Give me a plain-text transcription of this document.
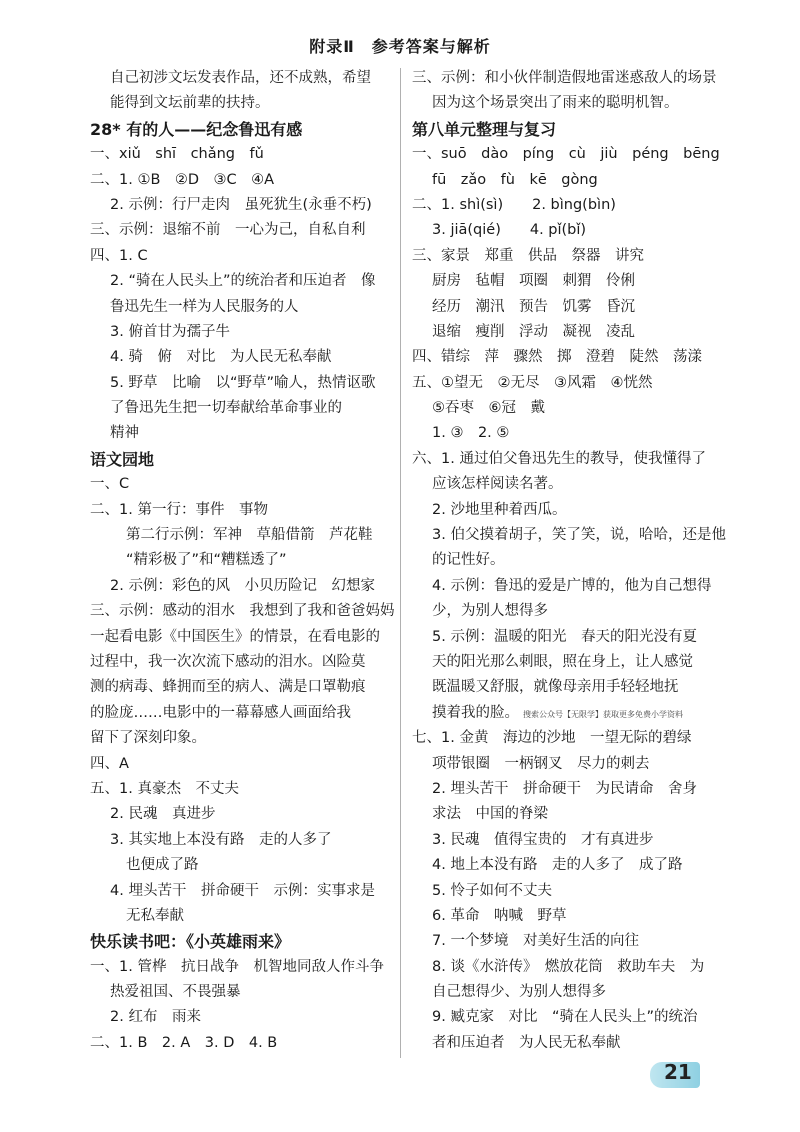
附录Ⅱ　参考答案与解析
自己初涉文坛发表作品，还不成熟，希望
能得到文坛前辈的扶持。
28* 有的人——纪念鲁迅有感
一、xiǔ　shī　chǎng　fǔ
二、1. ①B　②D　③C　④A
2. 示例：行尸走肉　虽死犹生(永垂不朽)
三、示例：退缩不前　一心为己，自私自利
四、1. C
2. “骑在人民头上”的统治者和压迫者　像
鲁迅先生一样为人民服务的人
3. 俯首甘为孺子牛
4. 骑　俯　对比　为人民无私奉献
5. 野草　比喻　以“野草”喻人，热情讴歌
了鲁迅先生把一切奉献给革命事业的
精神
语文园地
一、C
二、1. 第一行：事件　事物
第二行示例：军神　草船借箭　芦花鞋
“精彩极了”和“糟糕透了”
2. 示例：彩色的风　小贝历险记　幻想家
三、示例：感动的泪水　我想到了我和爸爸妈妈
一起看电影《中国医生》的情景，在看电影的
过程中，我一次次流下感动的泪水。凶险莫
测的病毒、蜂拥而至的病人、满是口罩勒痕
的脸庞……电影中的一幕幕感人画面给我
留下了深刻印象。
四、A
五、1. 真豪杰　不丈夫
2. 民魂　真进步
3. 其实地上本没有路　走的人多了
也便成了路
4. 埋头苦干　拼命硬干　示例：实事求是
无私奉献
快乐读书吧：《小英雄雨来》
一、1. 管桦　抗日战争　机智地同敌人作斗争
热爱祖国、不畏强暴
2. 红布　雨来
二、1. B　2. A　3. D　4. B
三、示例：和小伙伴制造假地雷迷惑敌人的场景
因为这个场景突出了雨来的聪明机智。
第八单元整理与复习
一、suō　dào　píng　cù　jiù　péng　bēng
fū　zǎo　fù　kē　gòng
二、1. shì(sì)　　2. bìng(bìn)
3. jiā(qié)　　4. pǐ(bǐ)
三、家景　郑重　供品　祭器　讲究
厨房　毡帽　项圈　刺猬　伶俐
经历　潮汛　预告　饥雾　昏沉
退缩　瘦削　浮动　凝视　凌乱
四、错综　萍　骤然　掷　澄碧　陡然　荡漾
五、①望无　②无尽　③风霜　④恍然
⑤吞枣　⑥冠　戴
1. ③　2. ⑤
六、1. 通过伯父鲁迅先生的教导，使我懂得了
应该怎样阅读名著。
2. 沙地里种着西瓜。
3. 伯父摸着胡子，笑了笑，说，哈哈，还是他
的记性好。
4. 示例：鲁迅的爱是广博的，他为自己想得
少，为别人想得多
5. 示例：温暖的阳光　春天的阳光没有夏
天的阳光那么刺眼，照在身上，让人感觉
既温暖又舒服，就像母亲用手轻轻地抚
摸着我的脸。 搜索公众号【无限学】获取更多免费小学资料
七、1. 金黄　海边的沙地　一望无际的碧绿
项带银圈　一柄钢叉　尽力的刺去
2. 埋头苦干　拼命硬干　为民请命　舍身
求法　中国的脊梁
3. 民魂　值得宝贵的　才有真进步
4. 地上本没有路　走的人多了　成了路
5. 怜子如何不丈夫
6. 革命　呐喊　野草
7. 一个梦境　对美好生活的向往
8. 谈《水浒传》　燃放花筒　救助车夫　为
自己想得少、为别人想得多
9. 臧克家　对比　“骑在人民头上”的统治
者和压迫者　为人民无私奉献
21
